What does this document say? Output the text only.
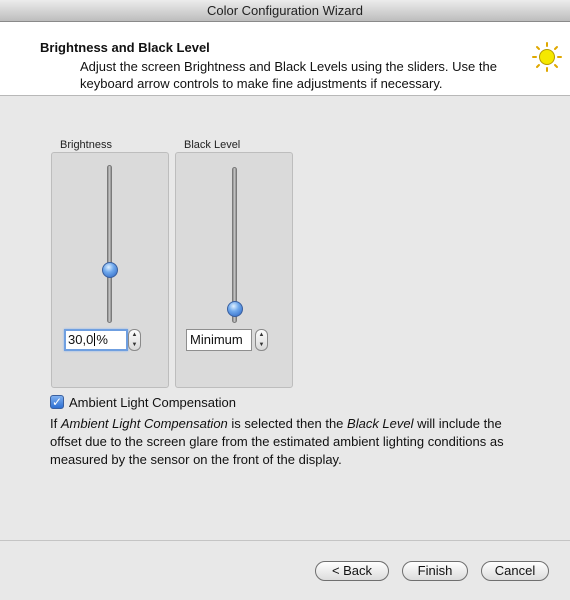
Color Configuration Wizard
Brightness and Black Level
Adjust the screen Brightness and Black Levels using the sliders. Use the keyboard arrow controls to make fine adjustments if necessary.
Brightness
30,0 %	▲
▼
Black Level
Minimum	▲
▼
✓ Ambient Light Compensation
If Ambient Light Compensation is selected then the Black Level will include the offset due to the screen glare from the estimated ambient lighting conditions as measured by the sensor on the front of the display.
< Back	Finish	Cancel
